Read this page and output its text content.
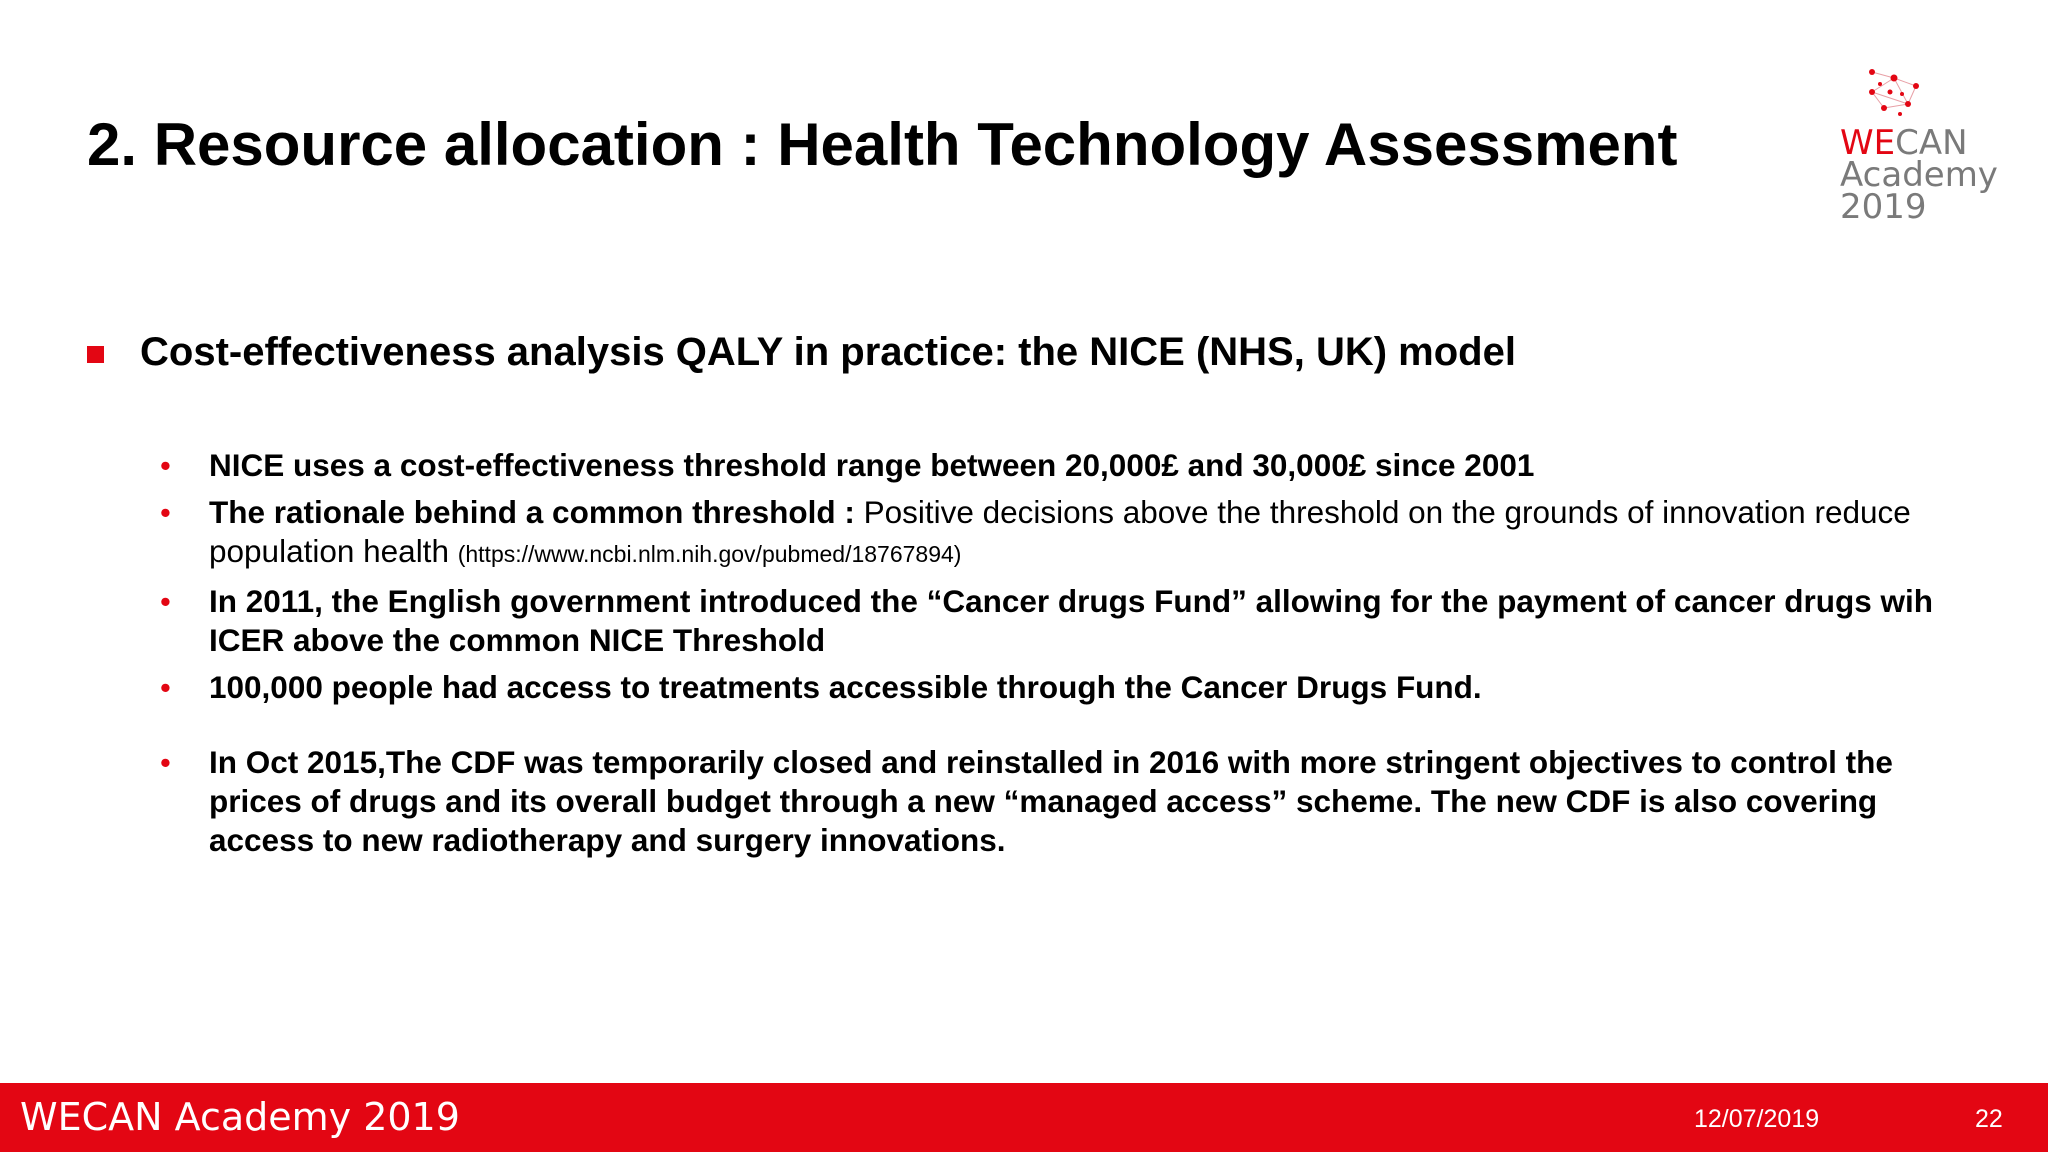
2. Resource allocation : Health Technology Assessment	WECAN
Academy
2019
Cost-effectiveness analysis QALY in practice: the NICE (NHS, UK) model
• NICE uses a cost-effectiveness threshold range between 20,000£ and 30,000£ since 2001
• The rationale behind a common threshold : Positive decisions above the threshold on the grounds of innovation reduce population health (https://www.ncbi.nlm.nih.gov/pubmed/18767894)
• In 2011, the English government introduced the “Cancer drugs Fund” allowing for the payment of cancer drugs wih ICER above the common NICE Threshold
• 100,000 people had access to treatments accessible through the Cancer Drugs Fund.
• In Oct 2015,The CDF was temporarily closed and reinstalled in 2016 with more stringent objectives to control the prices of drugs and its overall budget through a new “managed access” scheme. The new CDF is also covering access to new radiotherapy and surgery innovations.
WECAN Academy 2019	12/07/2019	22
